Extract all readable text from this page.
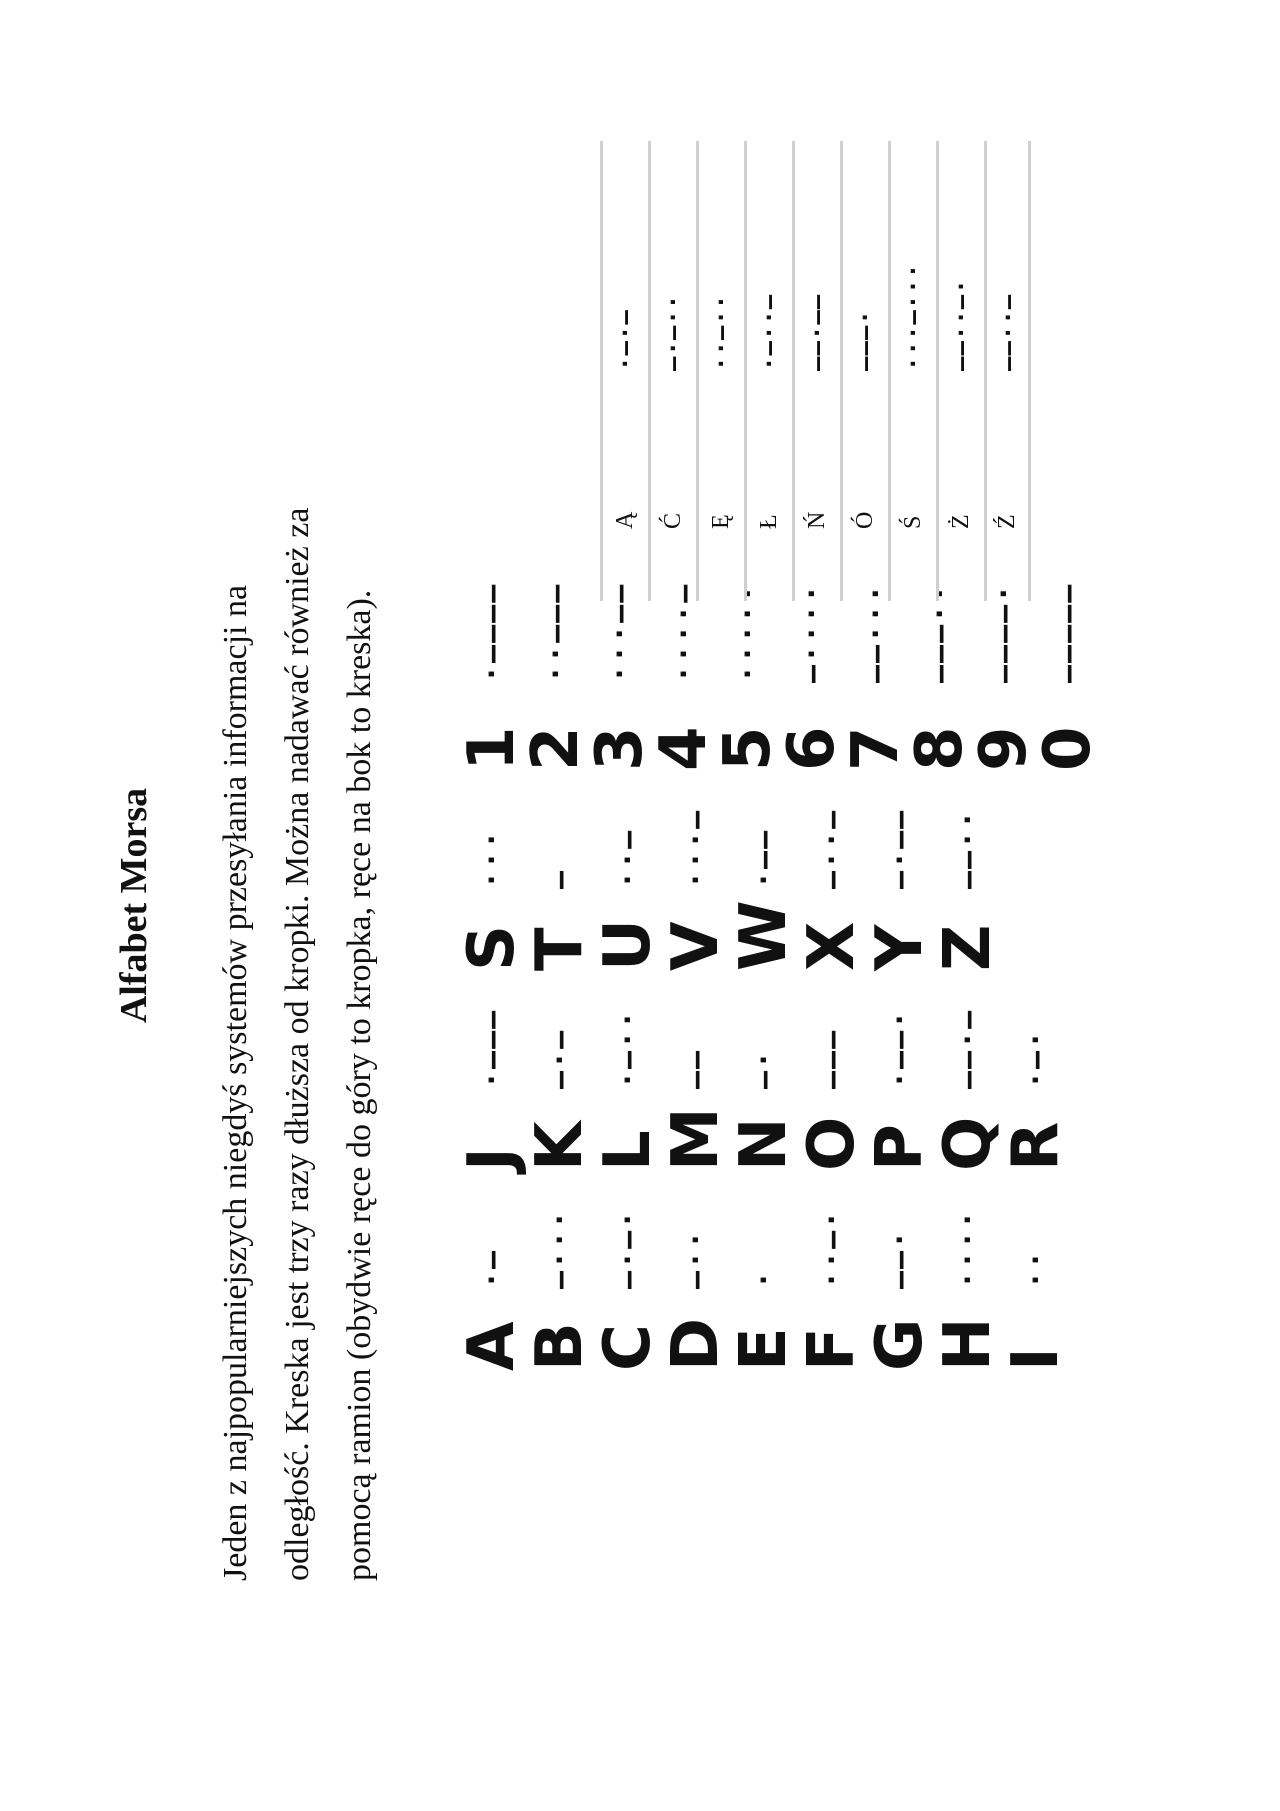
Alfabet Morsa	Jeden z najpopularniejszych niegdyś systemów przesyłania informacji na odległość. Kreska jest trzy razy dłuższa od kropki. Można nadawać również za pomocą ramion (obydwie ręce do góry to kropka, ręce na bok to kreska). A
·—
B
—···
C
—·—·
D
—··
E
·
F
··—·
G
——·
H
····
I
··
J
·———
K
—·—
L
·—··
M
——
N
—·
O
———
P
·——·
Q
——·—
R
·—·
S
···
T
—
U
··—
V
···—
W
·——
X
—··—
Y
—·——
Z
——··
1
·————
2
··———
3
···——
4
····—
5
·····
6
—····
7
——···
8
———··
9
————·
0
—————
Ą
·—·—
Ć
—·—··
Ę
··—··
Ł
·—··—
Ń
——·——
Ó
———·
Ś
···—···
Ż
——··—·
Ź
——··—
